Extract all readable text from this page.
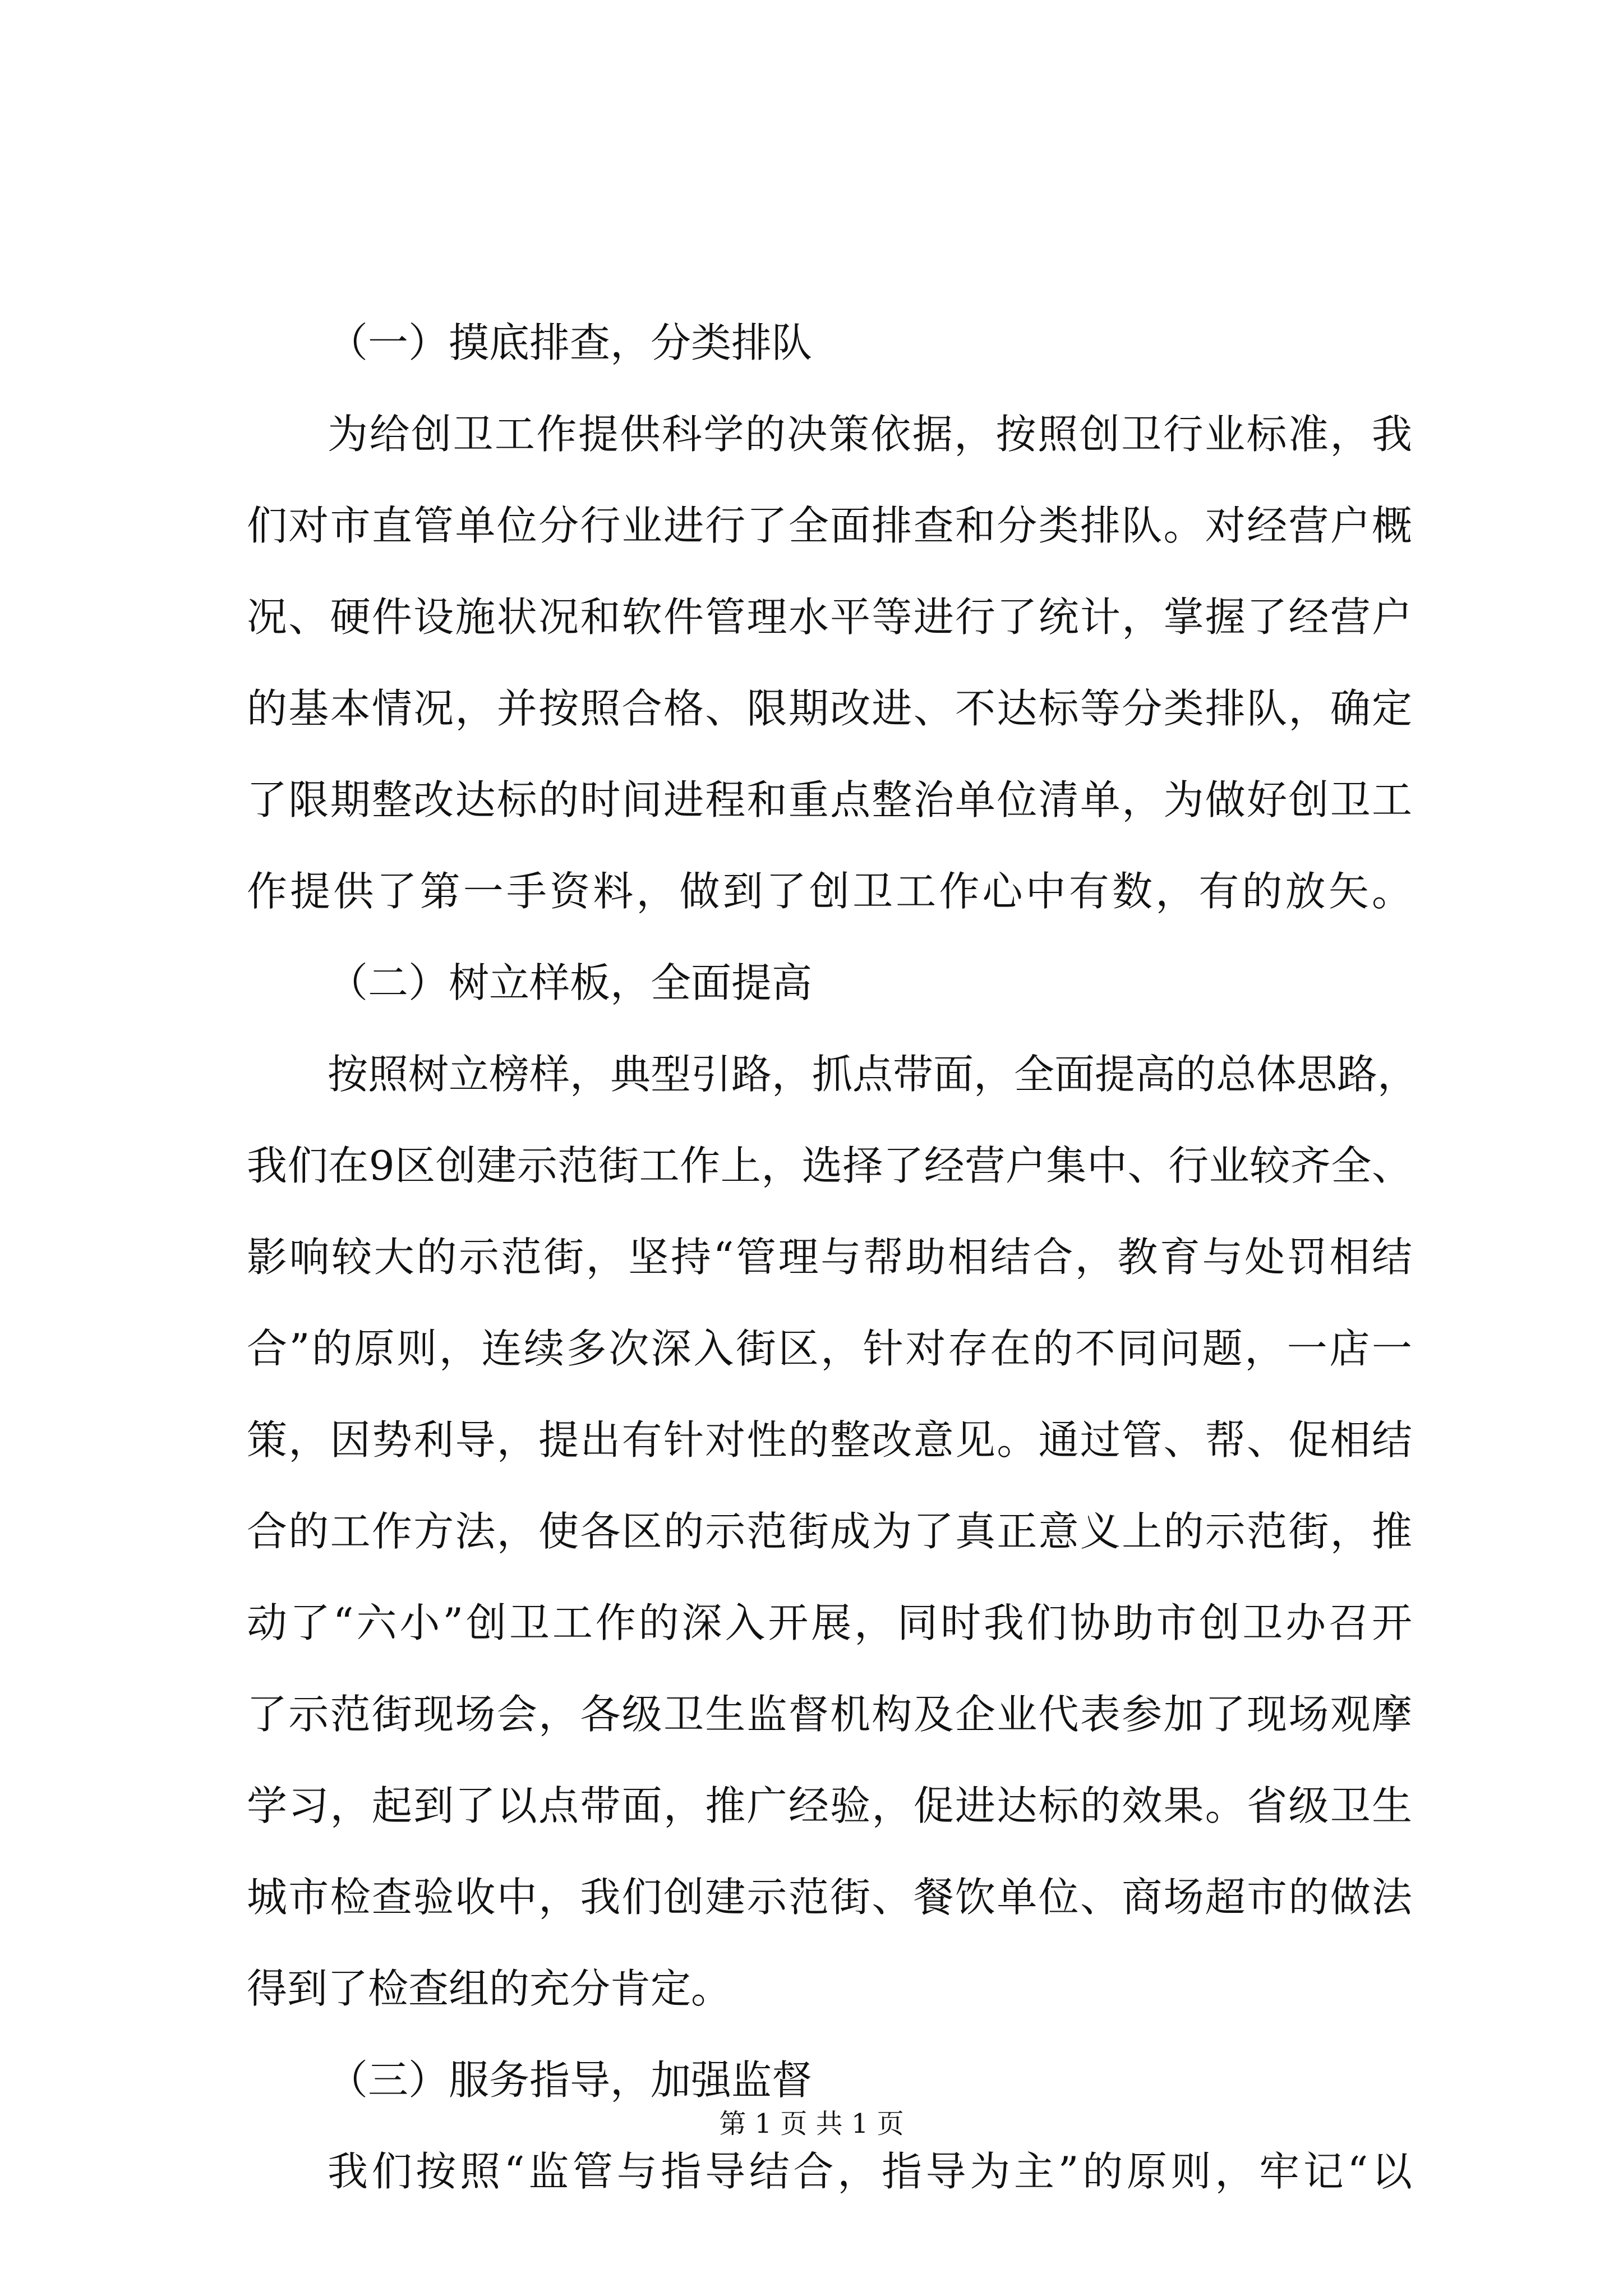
（一）摸底排查，分类排队
为给创卫工作提供科学的决策依据，按照创卫行业标准，我
们对市直管单位分行业进行了全面排查和分类排队。对经营户概
况、硬件设施状况和软件管理水平等进行了统计，掌握了经营户
的基本情况，并按照合格、限期改进、不达标等分类排队，确定
了限期整改达标的时间进程和重点整治单位清单，为做好创卫工
作提供了第一手资料，做到了创卫工作心中有数，有的放矢。
（二）树立样板，全面提高
按照树立榜样，典型引路，抓点带面，全面提高的总体思路，
我们在9区创建示范街工作上，选择了经营户集中、行业较齐全、
影响较大的示范街，坚持“管理与帮助相结合，教育与处罚相结
合”的原则，连续多次深入街区，针对存在的不同问题，一店一
策，因势利导，提出有针对性的整改意见。通过管、帮、促相结
合的工作方法，使各区的示范街成为了真正意义上的示范街，推
动了“六小”创卫工作的深入开展，同时我们协助市创卫办召开
了示范街现场会，各级卫生监督机构及企业代表参加了现场观摩
学习，起到了以点带面，推广经验，促进达标的效果。省级卫生
城市检查验收中，我们创建示范街、餐饮单位、商场超市的做法
得到了检查组的充分肯定。
（三）服务指导，加强监督
我们按照“监管与指导结合，指导为主”的原则，牢记“以
第 1 页 共 1 页
